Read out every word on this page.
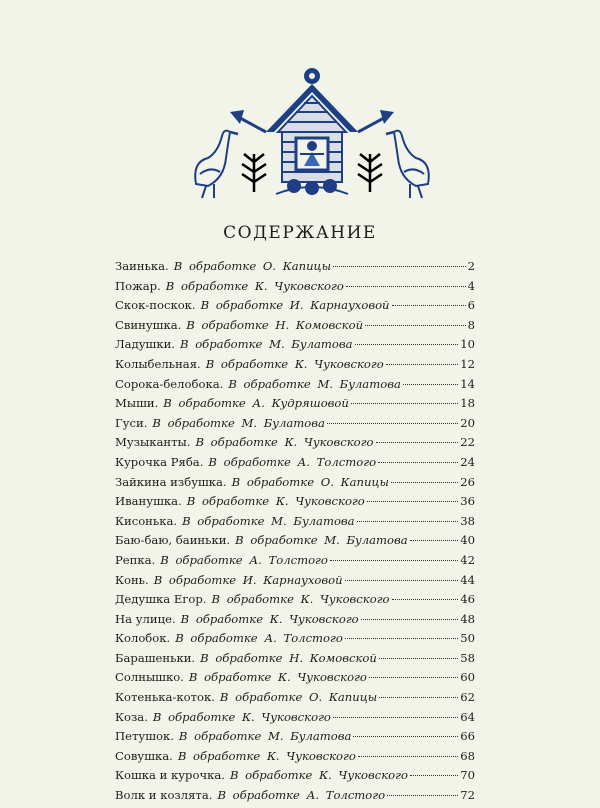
СОДЕРЖАНИЕ
Заинька. В обработке О. Капицы	2
Пожар. В обработке К. Чуковского	4
Скок-поскок. В обработке И. Карнауховой	6
Свинушка. В обработке Н. Комовской	8
Ладушки. В обработке М. Булатова	10
Колыбельная. В обработке К. Чуковского	12
Сорока-белобока. В обработке М. Булатова	14
Мыши. В обработке А. Кудряшовой	18
Гуси. В обработке М. Булатова	20
Музыканты. В обработке К. Чуковского	22
Курочка Ряба. В обработке А. Толстого	24
Зайкина избушка. В обработке О. Капицы	26
Иванушка. В обработке К. Чуковского	36
Кисонька. В обработке М. Булатова	38
Баю-баю, баиньки. В обработке М. Булатова	40
Репка. В обработке А. Толстого	42
Конь. В обработке И. Карнауховой	44
Дедушка Егор. В обработке К. Чуковского	46
На улице. В обработке К. Чуковского	48
Колобок. В обработке А. Толстого	50
Барашеньки. В обработке Н. Комовской	58
Солнышко. В обработке К. Чуковского	60
Котенька-коток. В обработке О. Капицы	62
Коза. В обработке К. Чуковского	64
Петушок. В обработке М. Булатова	66
Совушка. В обработке К. Чуковского	68
Кошка и курочка. В обработке К. Чуковского	70
Волк и козлята. В обработке А. Толстого	72
